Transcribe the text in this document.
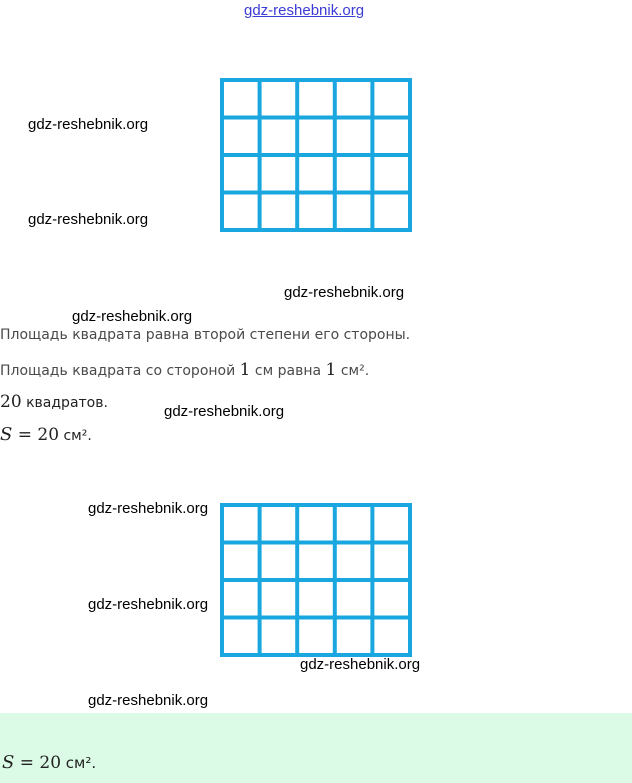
gdz-reshebnik.org
gdz-reshebnik.org
gdz-reshebnik.org
gdz-reshebnik.org
gdz-reshebnik.org
Площадь квадрата равна второй степени его стороны.
Площадь квадрата со стороной 1 см равна 1 см².
20 квадратов.	gdz-reshebnik.org
S = 20 см².
gdz-reshebnik.org
gdz-reshebnik.org
gdz-reshebnik.org
gdz-reshebnik.org
S = 20 см².
